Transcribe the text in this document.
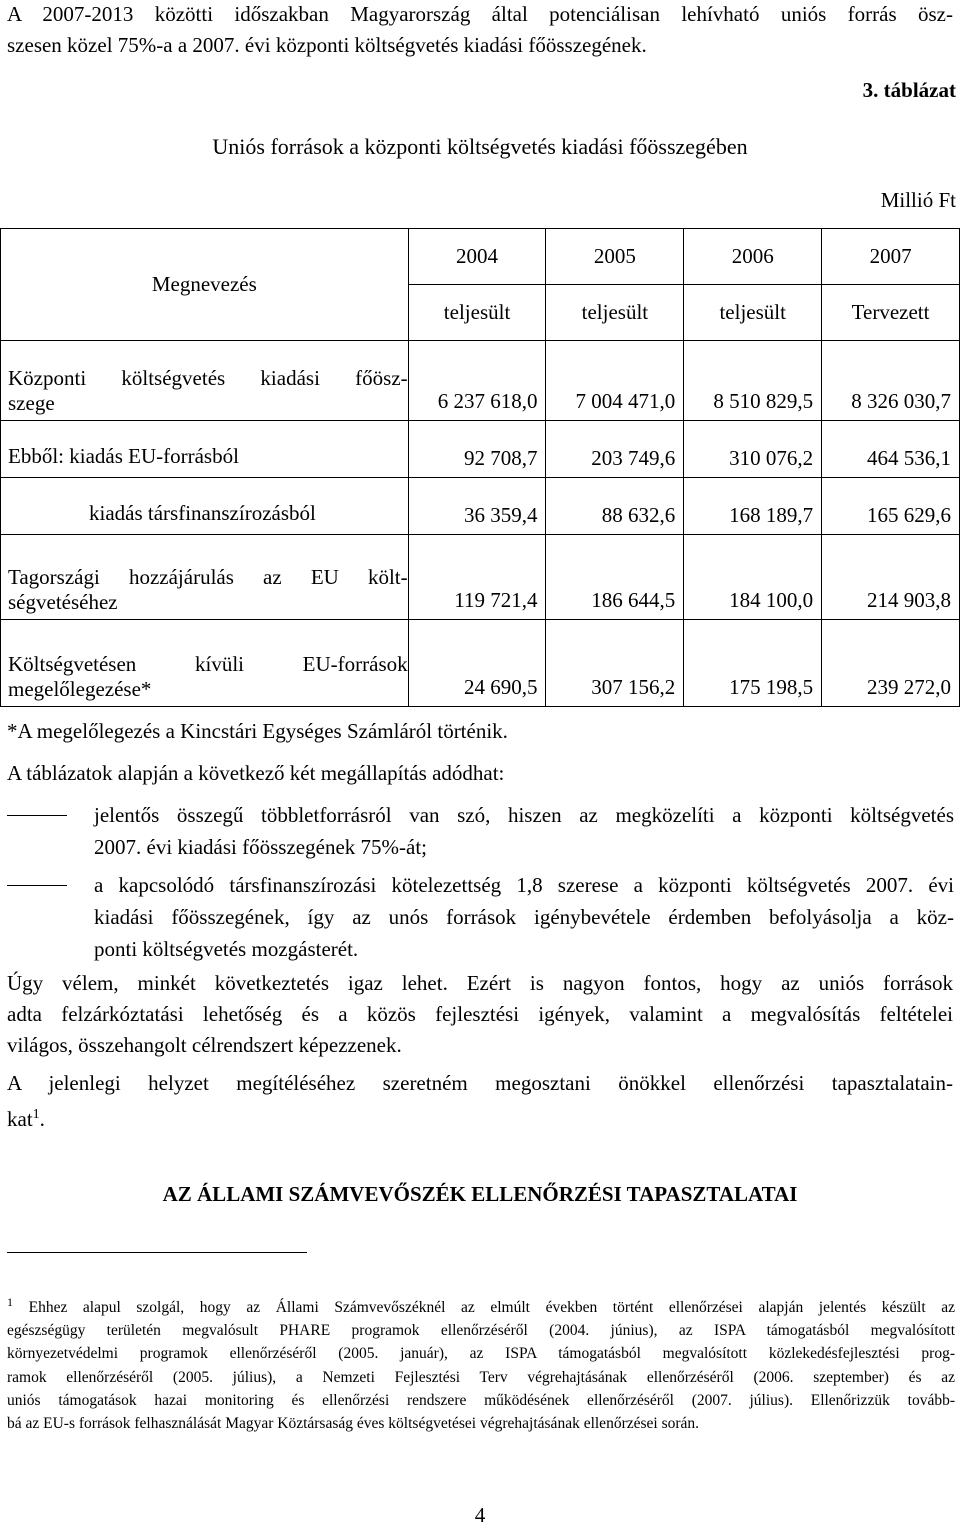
A 2007-2013 közötti időszakban Magyarország által potenciálisan lehívható uniós forrás ösz-
szesen közel 75%-a a 2007. évi központi költségvetés kiadási főösszegének.
3. táblázat
Uniós források a központi költségvetés kiadási főösszegében
Millió Ft
Megnevezés	2004	2005	2006	2007
	teljesült	teljesült	teljesült	Tervezett

Központi költségvetés kiadási főösz-
szege	6 237 618,0	7 004 471,0	8 510 829,5	8 326 030,7

Ebből: kiadás EU-forrásból	92 708,7	203 749,6	310 076,2	464 536,1

kiadás társfinanszírozásból	36 359,4	88 632,6	168 189,7	165 629,6

Tagországi hozzájárulás az EU költ-
ségvetéséhez	119 721,4	186 644,5	184 100,0	214 903,8

Költségvetésen kívüli EU-források
megelőlegezése*	24 690,5	307 156,2	175 198,5	239 272,0
*A megelőlegezés a Kincstári Egységes Számláról történik.
A táblázatok alapján a következő két megállapítás adódhat:
jelentős összegű többletforrásról van szó, hiszen az megközelíti a központi költségvetés
2007. évi kiadási főösszegének 75%-át;
a kapcsolódó társfinanszírozási kötelezettség 1,8 szerese a központi költségvetés 2007. évi
kiadási főösszegének, így az unós források igénybevétele érdemben befolyásolja a köz-
ponti költségvetés mozgásterét.
Úgy vélem, minkét következtetés igaz lehet. Ezért is nagyon fontos, hogy az uniós források
adta felzárkóztatási lehetőség és a közös fejlesztési igények, valamint a megvalósítás feltételei
világos, összehangolt célrendszert képezzenek.
A jelenlegi helyzet megítéléséhez szeretném megosztani önökkel ellenőrzési tapasztalatain-
kat$^1$.
AZ ÁLLAMI SZÁMVEVŐSZÉK ELLENŐRZÉSI TAPASZTALATAI
$^1$ Ehhez alapul szolgál, hogy az Állami Számvevőszéknél az elmúlt években történt ellenőrzései alapján jelentés készült az
egészségügy területén megvalósult PHARE programok ellenőrzéséről (2004. június), az ISPA támogatásból megvalósított
környezetvédelmi programok ellenőrzéséről (2005. január), az ISPA támogatásból megvalósított közlekedésfejlesztési prog-
ramok ellenőrzéséről (2005. július), a Nemzeti Fejlesztési Terv végrehajtásának ellenőrzéséről (2006. szeptember) és az
uniós támogatások hazai monitoring és ellenőrzési rendszere működésének ellenőrzéséről (2007. július). Ellenőrizzük tovább-
bá az EU-s források felhasználását Magyar Köztársaság éves költségvetései végrehajtásának ellenőrzései során.
4
